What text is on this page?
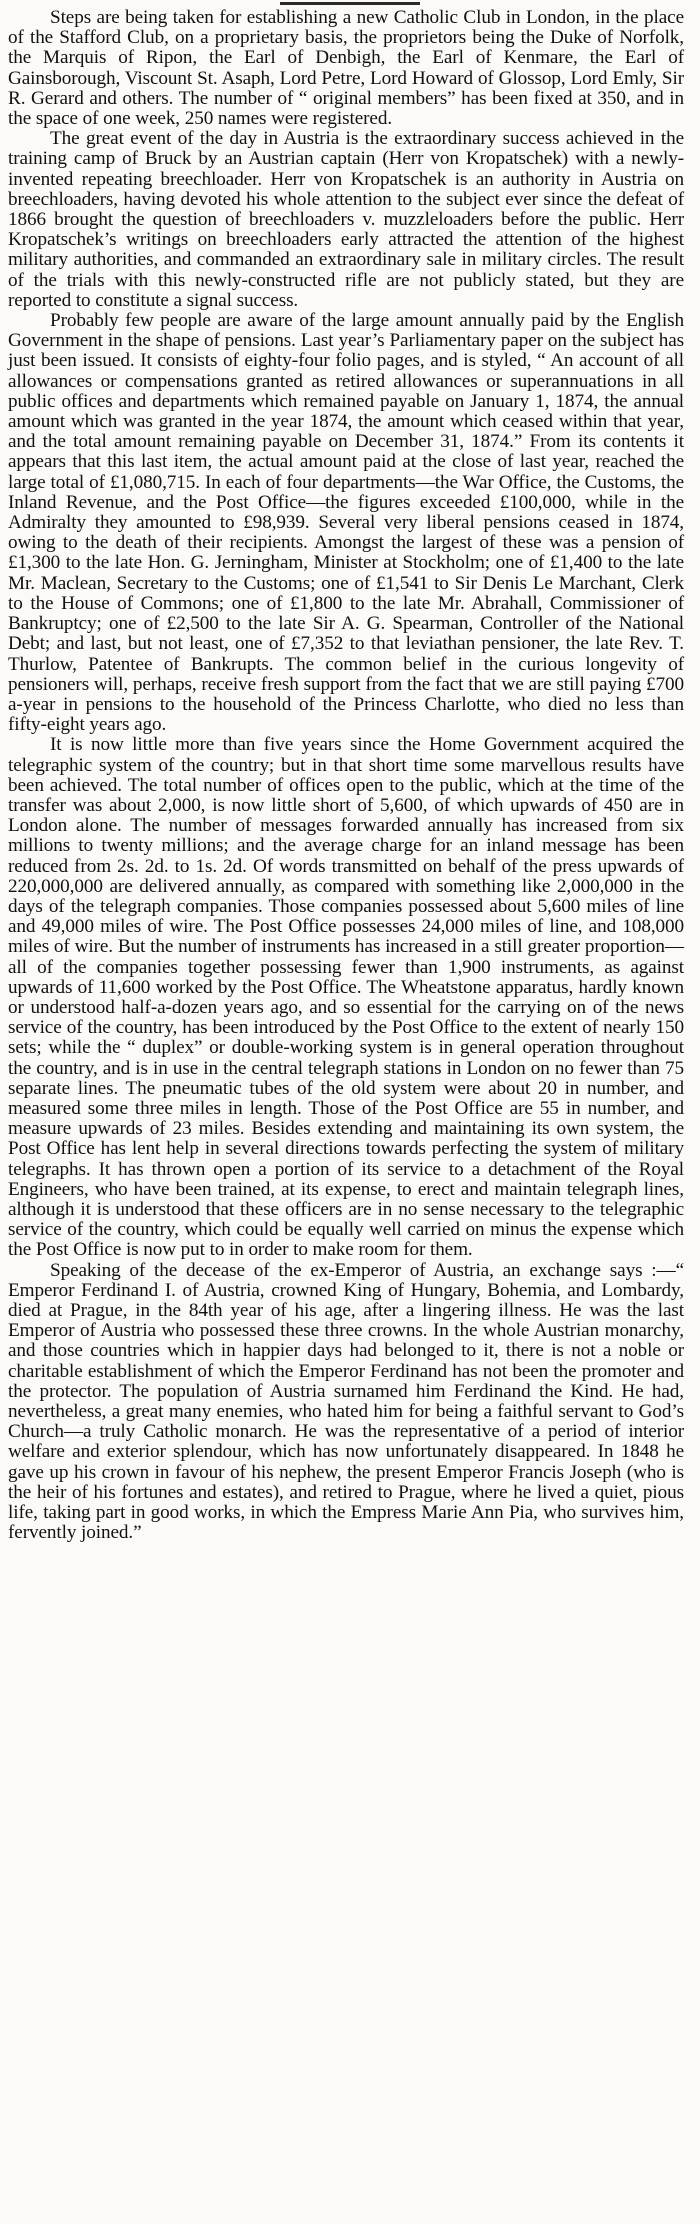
Steps are being taken for establishing a new Catholic Club in London, in the place of the Stafford Club, on a proprietary basis, the proprietors being the Duke of Norfolk, the Marquis of Ripon, the Earl of Denbigh, the Earl of Kenmare, the Earl of Gainsborough, Viscount St. Asaph, Lord Petre, Lord Howard of Glossop, Lord Emly, Sir R. Gerard and others. The number of “ original members” has been fixed at 350, and in the space of one week, 250 names were registered.

The great event of the day in Austria is the extraordinary success achieved in the training camp of Bruck by an Austrian captain (Herr von Kropatschek) with a newly-invented repeating breechloader. Herr von Kropatschek is an authority in Austria on breechloaders, having devoted his whole attention to the subject ever since the defeat of 1866 brought the question of breechloaders v. muzzleloaders before the public. Herr Kropatschek’s writings on breechloaders early attracted the attention of the highest military authorities, and commanded an extraordinary sale in military circles. The result of the trials with this newly-constructed rifle are not publicly stated, but they are reported to constitute a signal success.

Probably few people are aware of the large amount annually paid by the English Government in the shape of pensions. Last year’s Parliamentary paper on the subject has just been issued. It consists of eighty-four folio pages, and is styled, “ An account of all allowances or compensations granted as retired allowances or superannuations in all public offices and departments which remained payable on January 1, 1874, the annual amount which was granted in the year 1874, the amount which ceased within that year, and the total amount remaining payable on December 31, 1874.” From its contents it appears that this last item, the actual amount paid at the close of last year, reached the large total of £1,080,715. In each of four departments—the War Office, the Customs, the Inland Revenue, and the Post Office—the figures exceeded £100,000, while in the Admiralty they amounted to £98,939. Several very liberal pensions ceased in 1874, owing to the death of their recipients. Amongst the largest of these was a pension of £1,300 to the late Hon. G. Jerningham, Minister at Stockholm; one of £1,400 to the late Mr. Maclean, Secretary to the Customs; one of £1,541 to Sir Denis Le Marchant, Clerk to the House of Commons; one of £1,800 to the late Mr. Abrahall, Commissioner of Bankruptcy; one of £2,500 to the late Sir A. G. Spearman, Controller of the National Debt; and last, but not least, one of £7,352 to that leviathan pensioner, the late Rev. T. Thurlow, Patentee of Bankrupts. The common belief in the curious longevity of pensioners will, perhaps, receive fresh support from the fact that we are still paying £700 a-year in pensions to the household of the Princess Charlotte, who died no less than fifty-eight years ago.

It is now little more than five years since the Home Government acquired the telegraphic system of the country; but in that short time some marvellous results have been achieved. The total number of offices open to the public, which at the time of the transfer was about 2,000, is now little short of 5,600, of which upwards of 450 are in London alone. The number of messages forwarded annually has increased from six millions to twenty millions; and the average charge for an inland message has been reduced from 2s. 2d. to 1s. 2d. Of words transmitted on behalf of the press upwards of 220,000,000 are delivered annually, as compared with something like 2,000,000 in the days of the telegraph companies. Those companies possessed about 5,600 miles of line and 49,000 miles of wire. The Post Office possesses 24,000 miles of line, and 108,000 miles of wire. But the number of instruments has increased in a still greater proportion—all of the companies together possessing fewer than 1,900 instruments, as against upwards of 11,600 worked by the Post Office. The Wheatstone apparatus, hardly known or understood half-a-dozen years ago, and so essential for the carrying on of the news service of the country, has been introduced by the Post Office to the extent of nearly 150 sets; while the “ duplex” or double-working system is in general operation throughout the country, and is in use in the central telegraph stations in London on no fewer than 75 separate lines. The pneumatic tubes of the old system were about 20 in number, and measured some three miles in length. Those of the Post Office are 55 in number, and measure upwards of 23 miles. Besides extending and maintaining its own system, the Post Office has lent help in several directions towards perfecting the system of military telegraphs. It has thrown open a portion of its service to a detachment of the Royal Engineers, who have been trained, at its expense, to erect and maintain telegraph lines, although it is understood that these officers are in no sense necessary to the telegraphic service of the country, which could be equally well carried on minus the expense which the Post Office is now put to in order to make room for them.

Speaking of the decease of the ex-Emperor of Austria, an exchange says :—“ Emperor Ferdinand I. of Austria, crowned King of Hungary, Bohemia, and Lombardy, died at Prague, in the 84th year of his age, after a lingering illness. He was the last Emperor of Austria who possessed these three crowns. In the whole Austrian monarchy, and those countries which in happier days had belonged to it, there is not a noble or charitable establishment of which the Emperor Ferdinand has not been the promoter and the protector. The population of Austria surnamed him Ferdinand the Kind. He had, nevertheless, a great many enemies, who hated him for being a faithful servant to God’s Church—a truly Catholic monarch. He was the representative of a period of interior welfare and exterior splendour, which has now unfortunately disappeared. In 1848 he gave up his crown in favour of his nephew, the present Emperor Francis Joseph (who is the heir of his fortunes and estates), and retired to Prague, where he lived a quiet, pious life, taking part in good works, in which the Empress Marie Ann Pia, who survives him, fervently joined.”
